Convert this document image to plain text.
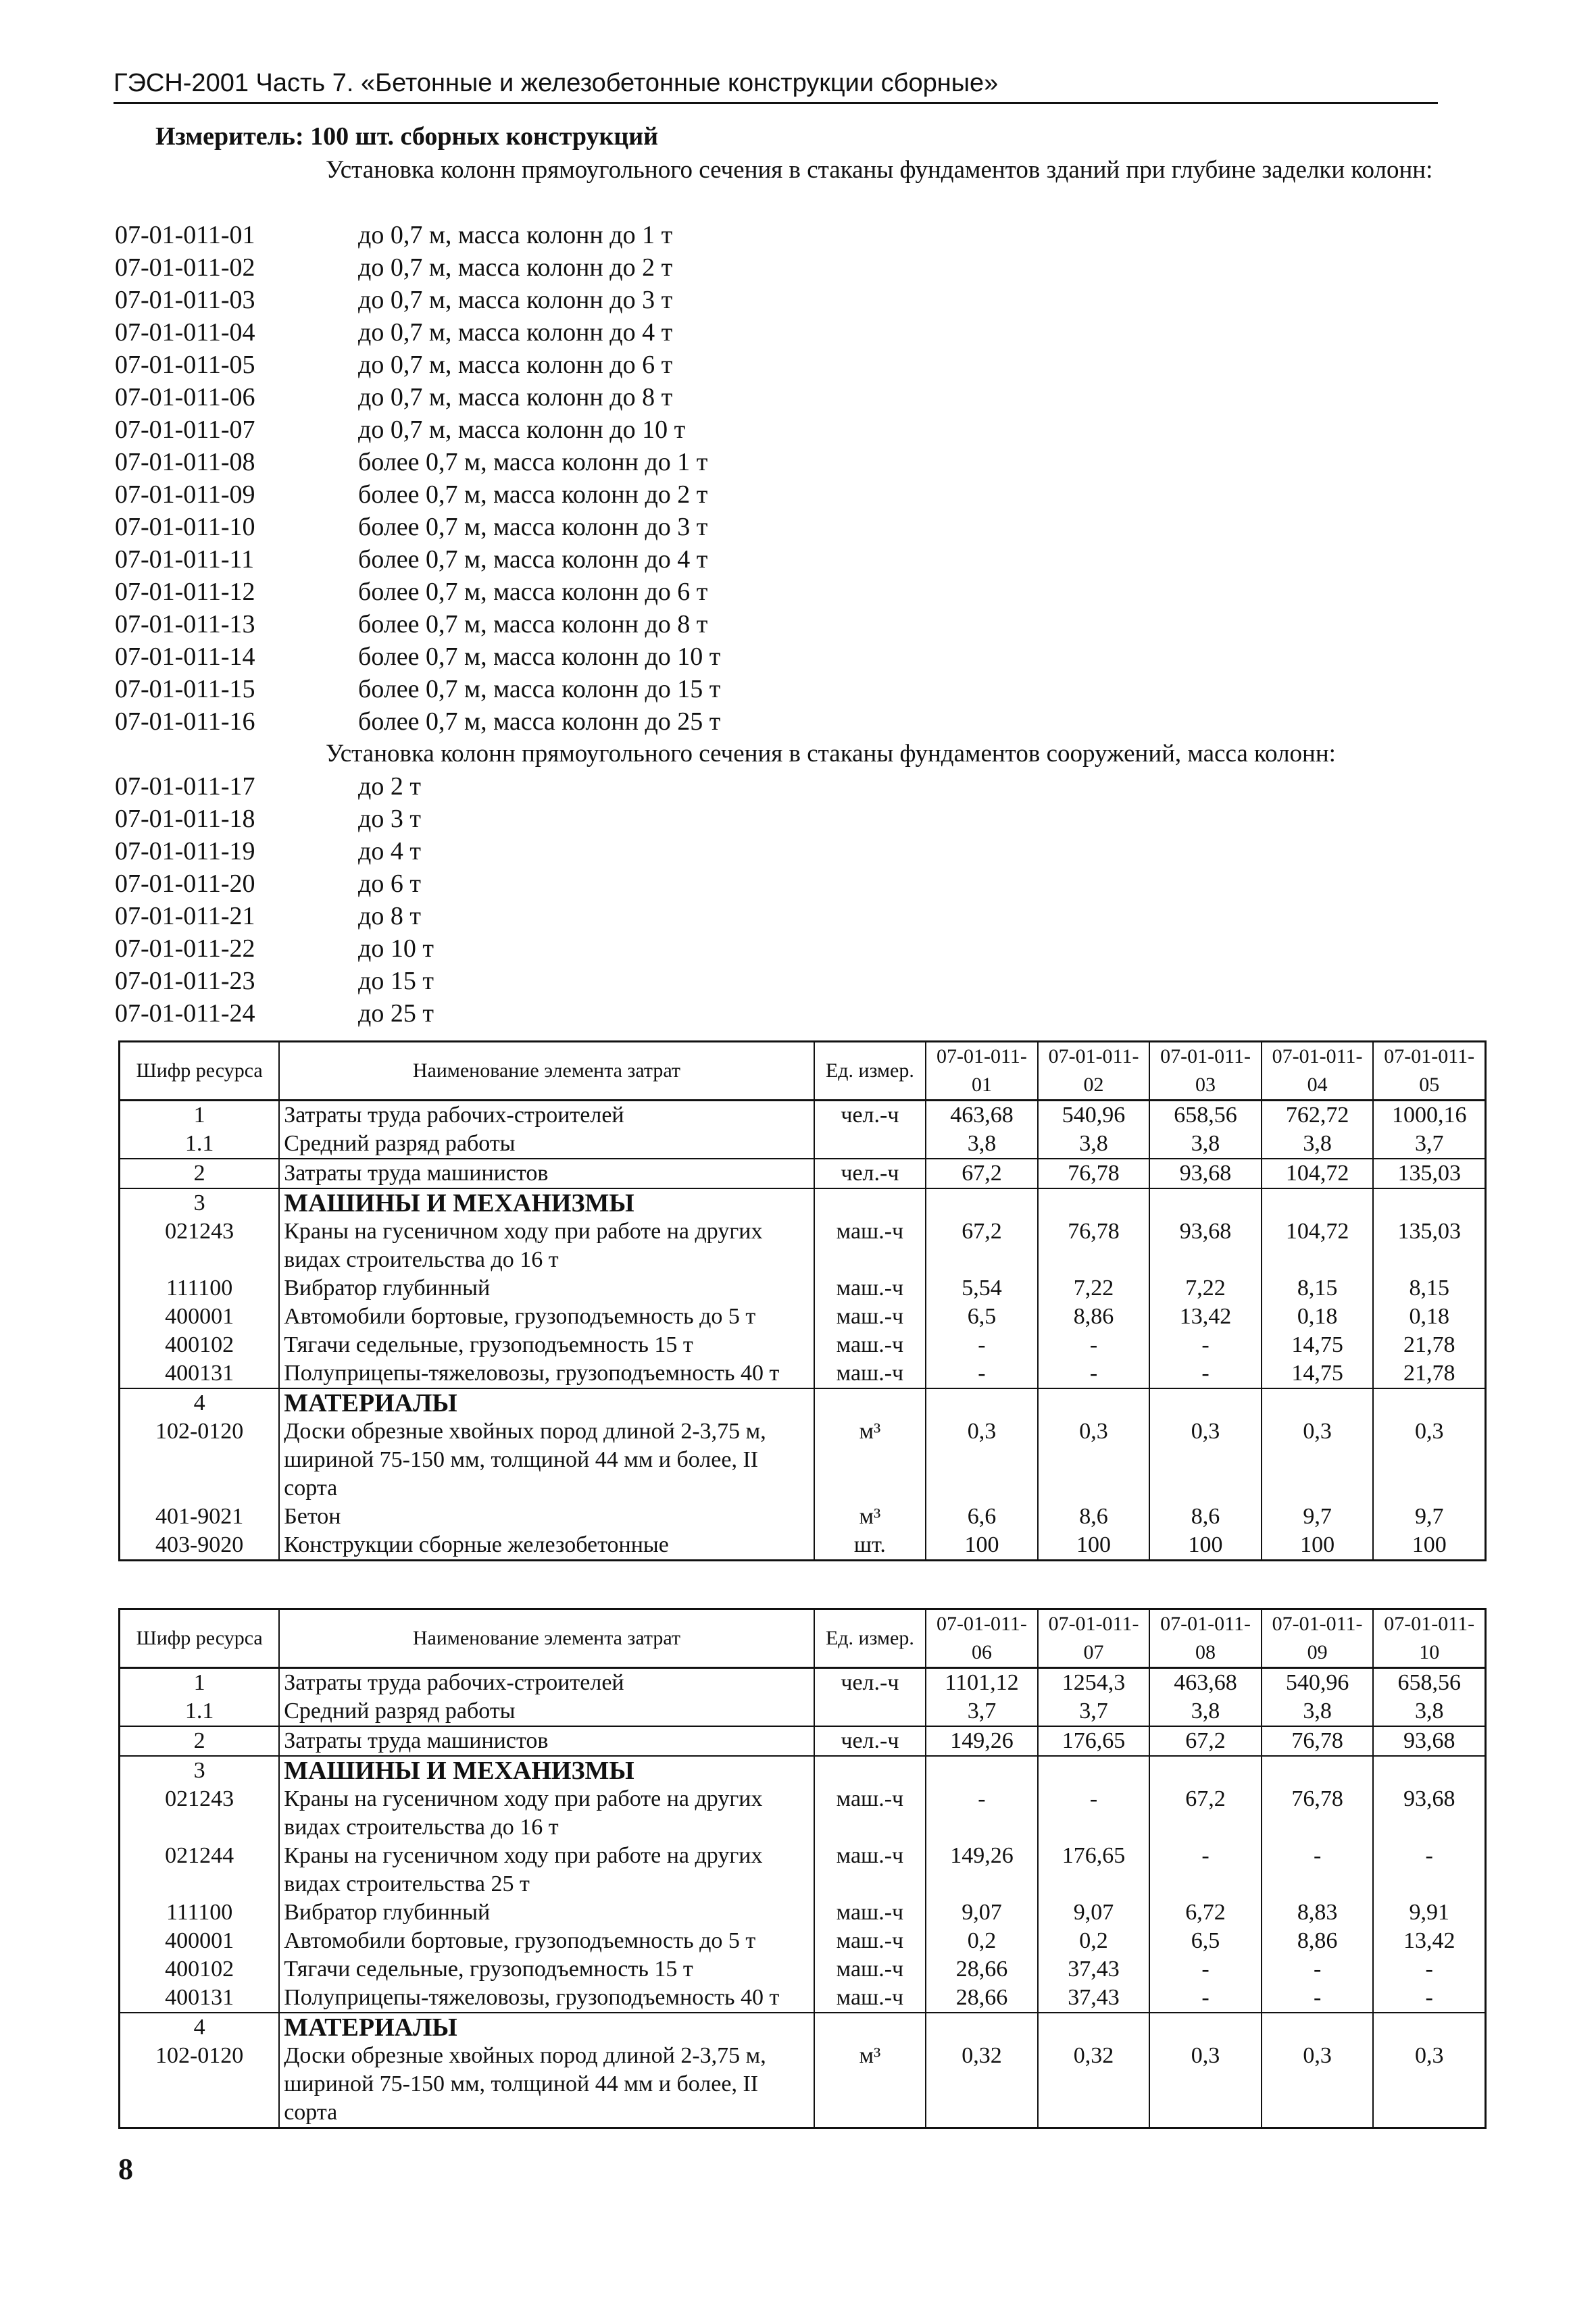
ГЭСН-2001 Часть 7. «Бетонные и железобетонные конструкции сборные»
Измеритель: 100 шт. сборных конструкций
Установка колонн прямоугольного сечения в стаканы фундаментов зданий при глубине заделки колонн:
07-01-011-01	до 0,7 м, масса колонн до 1 т
07-01-011-02	до 0,7 м, масса колонн до 2 т
07-01-011-03	до 0,7 м, масса колонн до 3 т
07-01-011-04	до 0,7 м, масса колонн до 4 т
07-01-011-05	до 0,7 м, масса колонн до 6 т
07-01-011-06	до 0,7 м, масса колонн до 8 т
07-01-011-07	до 0,7 м, масса колонн до 10 т
07-01-011-08	более 0,7 м, масса колонн до 1 т
07-01-011-09	более 0,7 м, масса колонн до 2 т
07-01-011-10	более 0,7 м, масса колонн до 3 т
07-01-011-11	более 0,7 м, масса колонн до 4 т
07-01-011-12	более 0,7 м, масса колонн до 6 т
07-01-011-13	более 0,7 м, масса колонн до 8 т
07-01-011-14	более 0,7 м, масса колонн до 10 т
07-01-011-15	более 0,7 м, масса колонн до 15 т
07-01-011-16	более 0,7 м, масса колонн до 25 т
Установка колонн прямоугольного сечения в стаканы фундаментов сооружений, масса колонн:
07-01-011-17	до 2 т
07-01-011-18	до 3 т
07-01-011-19	до 4 т
07-01-011-20	до 6 т
07-01-011-21	до 8 т
07-01-011-22	до 10 т
07-01-011-23	до 15 т
07-01-011-24	до 25 т
Шифр ресурса	Наименование элемента затрат	Ед. измер.	07-01-011-01	07-01-011-02	07-01-011-03	07-01-011-04	07-01-011-05
1	Затраты труда рабочих-строителей	чел.-ч	463,68	540,96	658,56	762,72	1000,16
1.1	Средний разряд работы		3,8	3,8	3,8	3,8	3,7
2	Затраты труда машинистов	чел.-ч	67,2	76,78	93,68	104,72	135,03
3	МАШИНЫ И МЕХАНИЗМЫ						
021243	Краны на гусеничном ходу при работе на других видах строительства до 16 т	маш.-ч	67,2	76,78	93,68	104,72	135,03
111100	Вибратор глубинный	маш.-ч	5,54	7,22	7,22	8,15	8,15
400001	Автомобили бортовые, грузоподъемность до 5 т	маш.-ч	6,5	8,86	13,42	0,18	0,18
400102	Тягачи седельные, грузоподъемность 15 т	маш.-ч	-	-	-	14,75	21,78
400131	Полуприцепы-тяжеловозы, грузоподъемность 40 т	маш.-ч	-	-	-	14,75	21,78
4	МАТЕРИАЛЫ						
102-0120	Доски обрезные хвойных пород длиной 2-3,75 м, шириной 75-150 мм, толщиной 44 мм и более, II сорта	м³	0,3	0,3	0,3	0,3	0,3
401-9021	Бетон	м³	6,6	8,6	8,6	9,7	9,7
403-9020	Конструкции сборные железобетонные	шт.	100	100	100	100	100
Шифр ресурса	Наименование элемента затрат	Ед. измер.	07-01-011-06	07-01-011-07	07-01-011-08	07-01-011-09	07-01-011-10
1	Затраты труда рабочих-строителей	чел.-ч	1101,12	1254,3	463,68	540,96	658,56
1.1	Средний разряд работы		3,7	3,7	3,8	3,8	3,8
2	Затраты труда машинистов	чел.-ч	149,26	176,65	67,2	76,78	93,68
3	МАШИНЫ И МЕХАНИЗМЫ						
021243	Краны на гусеничном ходу при работе на других видах строительства до 16 т	маш.-ч	-	-	67,2	76,78	93,68
021244	Краны на гусеничном ходу при работе на других видах строительства 25 т	маш.-ч	149,26	176,65	-	-	-
111100	Вибратор глубинный	маш.-ч	9,07	9,07	6,72	8,83	9,91
400001	Автомобили бортовые, грузоподъемность до 5 т	маш.-ч	0,2	0,2	6,5	8,86	13,42
400102	Тягачи седельные, грузоподъемность 15 т	маш.-ч	28,66	37,43	-	-	-
400131	Полуприцепы-тяжеловозы, грузоподъемность 40 т	маш.-ч	28,66	37,43	-	-	-
4	МАТЕРИАЛЫ						
102-0120	Доски обрезные хвойных пород длиной 2-3,75 м, шириной 75-150 мм, толщиной 44 мм и более, II сорта	м³	0,32	0,32	0,3	0,3	0,3
8
